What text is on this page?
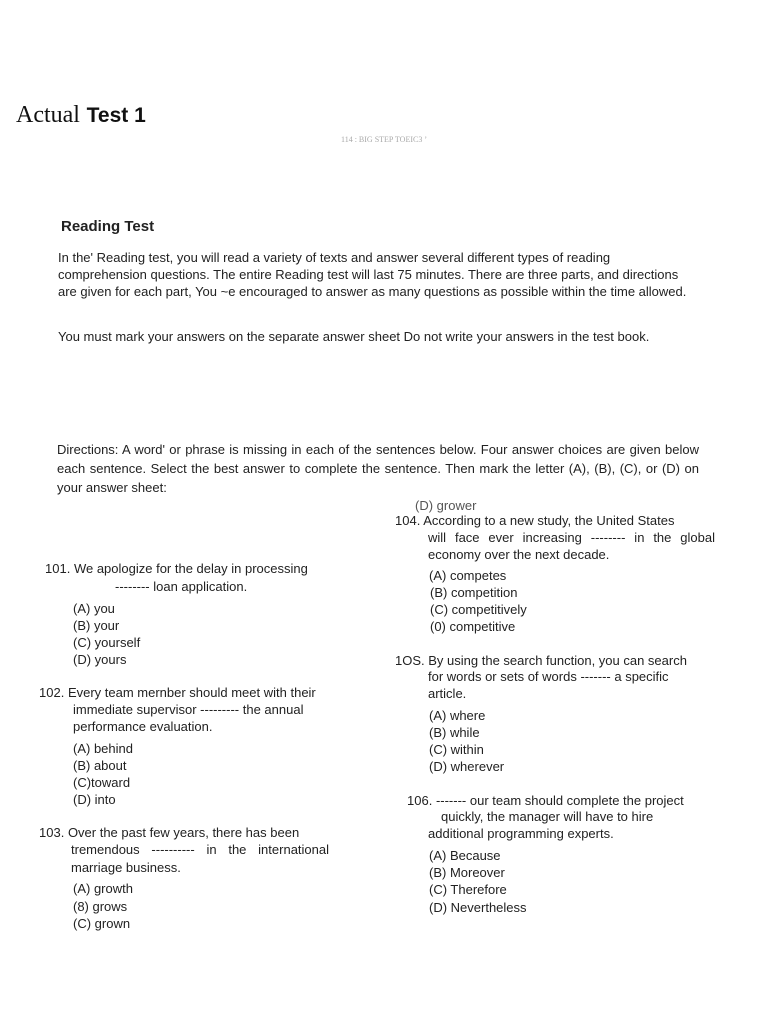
Actual Test 1
114 : BIG STEP TOEIC3 ’
Reading Test
In the' Reading test, you will read a variety of texts and answer several different types of reading comprehension questions. The entire Reading test will last 75 minutes. There are three parts, and directions are given for each part, You ~e encouraged to answer as many questions as possible within the time allowed.
You must mark your answers on the separate answer sheet Do not write your answers in the test book.
Directions: A word' or phrase is missing in each of the sentences below. Four answer choices are given below each sentence. Select the best answer to complete the sentence. Then mark the letter (A), (B), (C), or (D) on your answer sheet:
101. We apologize for the delay in processing
-------- loan application.
(A) you
(B) your
(C) yourself
(D) yours
102. Every team mernber should meet with their
immediate supervisor --------- the annual
performance evaluation.
(A) behind
(B) about
(C)toward
(D) into
103. Over the past few years, there has been
tremendous ---------- in the international
marriage business.
(A) growth
(8) grows
(C) grown
(D) grower
104. According to a new study, the United States
will face ever increasing -------- in the global
economy over the next decade.
(A) competes
(B) competition
(C) competitively
(0) competitive
1OS. By using the search function, you can search
for words or sets of words ------- a specific
article.
(A) where
(B) while
(C) within
(D) wherever
106. ------- our team should complete the project
quickly, the manager will have to hire
additional programming experts.
(A) Because
(B) Moreover
(C) Therefore
(D) Nevertheless
